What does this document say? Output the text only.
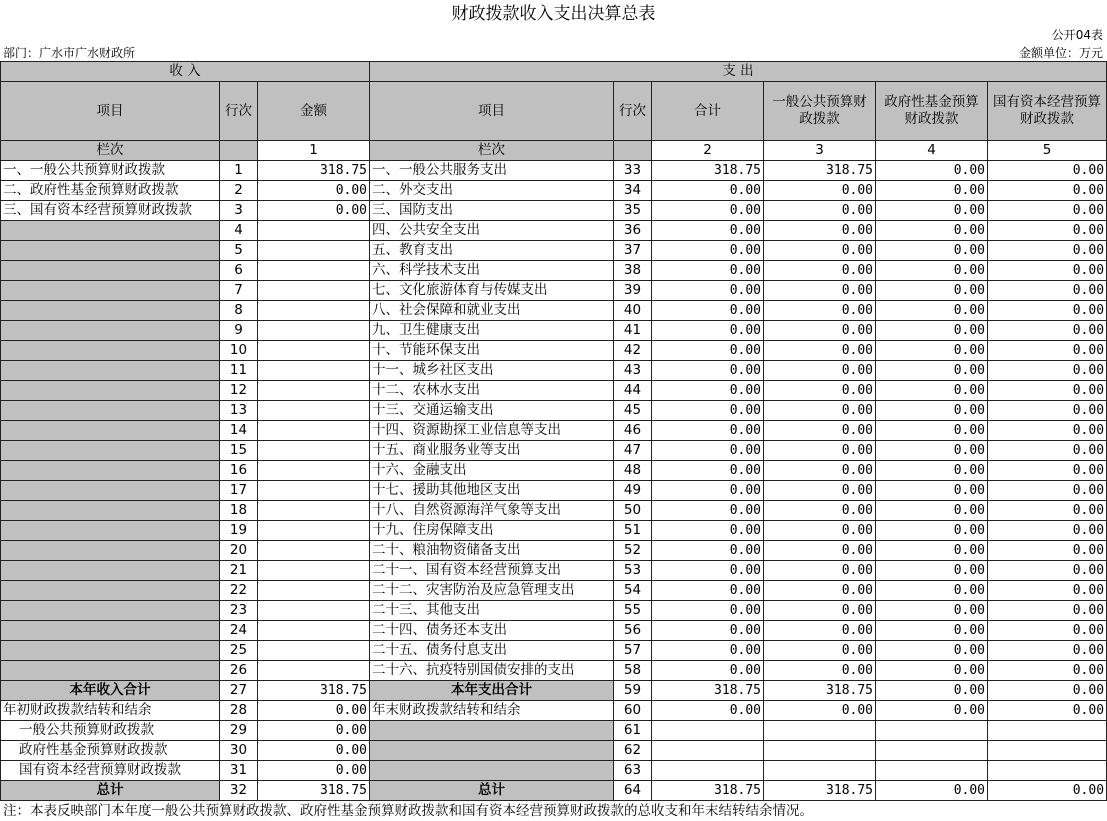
财政拨款收入支出决算总表
公开04表
部门：广水市广水财政所	金额单位：万元
收 入			支 出					
项目	行次	金额	项目	行次	合计	一般公共预算财政拨款	政府性基金预算财政拨款	国有资本经营预算财政拨款
栏次		1	栏次		2	3	4	5
一、一般公共预算财政拨款	1	318.75	一、一般公共服务支出	33	318.75	318.75	0.00	0.00
二、政府性基金预算财政拨款	2	0.00	二、外交支出	34	0.00	0.00	0.00	0.00
三、国有资本经营预算财政拨款	3	0.00	三、国防支出	35	0.00	0.00	0.00	0.00
	4		四、公共安全支出	36	0.00	0.00	0.00	0.00
	5		五、教育支出	37	0.00	0.00	0.00	0.00
	6		六、科学技术支出	38	0.00	0.00	0.00	0.00
	7		七、文化旅游体育与传媒支出	39	0.00	0.00	0.00	0.00
	8		八、社会保障和就业支出	40	0.00	0.00	0.00	0.00
	9		九、卫生健康支出	41	0.00	0.00	0.00	0.00
	10		十、节能环保支出	42	0.00	0.00	0.00	0.00
	11		十一、城乡社区支出	43	0.00	0.00	0.00	0.00
	12		十二、农林水支出	44	0.00	0.00	0.00	0.00
	13		十三、交通运输支出	45	0.00	0.00	0.00	0.00
	14		十四、资源勘探工业信息等支出	46	0.00	0.00	0.00	0.00
	15		十五、商业服务业等支出	47	0.00	0.00	0.00	0.00
	16		十六、金融支出	48	0.00	0.00	0.00	0.00
	17		十七、援助其他地区支出	49	0.00	0.00	0.00	0.00
	18		十八、自然资源海洋气象等支出	50	0.00	0.00	0.00	0.00
	19		十九、住房保障支出	51	0.00	0.00	0.00	0.00
	20		二十、粮油物资储备支出	52	0.00	0.00	0.00	0.00
	21		二十一、国有资本经营预算支出	53	0.00	0.00	0.00	0.00
	22		二十二、灾害防治及应急管理支出	54	0.00	0.00	0.00	0.00
	23		二十三、其他支出	55	0.00	0.00	0.00	0.00
	24		二十四、债务还本支出	56	0.00	0.00	0.00	0.00
	25		二十五、债务付息支出	57	0.00	0.00	0.00	0.00
	26		二十六、抗疫特别国债安排的支出	58	0.00	0.00	0.00	0.00
本年收入合计	27	318.75	本年支出合计	59	318.75	318.75	0.00	0.00
年初财政拨款结转和结余	28	0.00	年末财政拨款结转和结余	60	0.00	0.00	0.00	0.00
一般公共预算财政拨款	29	0.00		61				
政府性基金预算财政拨款	30	0.00		62				
国有资本经营预算财政拨款	31	0.00		63				
总计	32	318.75	总计	64	318.75	318.75	0.00	0.00
注：本表反映部门本年度一般公共预算财政拨款、政府性基金预算财政拨款和国有资本经营预算财政拨款的总收支和年末结转结余情况。
